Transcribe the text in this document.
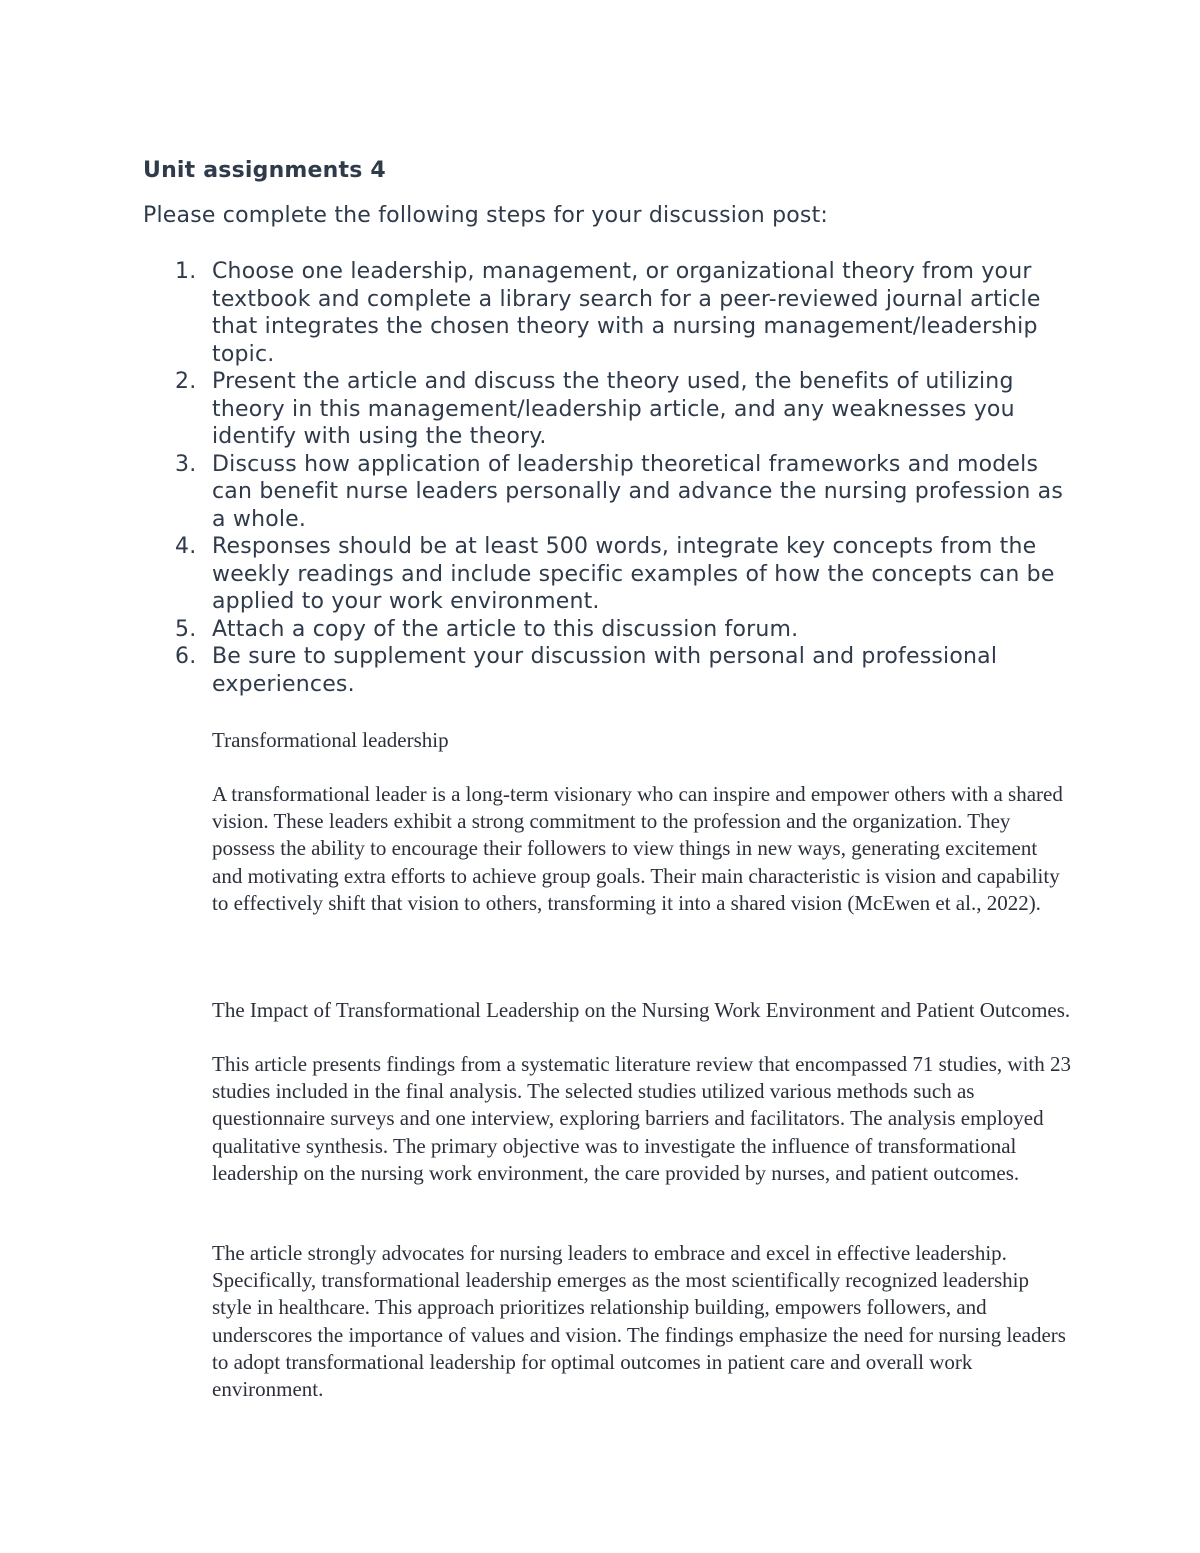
Unit assignments 4

Please complete the following steps for your discussion post:

1. Choose one leadership, management, or organizational theory from your textbook and complete a library search for a peer-reviewed journal article that integrates the chosen theory with a nursing management/leadership topic.
2. Present the article and discuss the theory used, the benefits of utilizing theory in this management/leadership article, and any weaknesses you identify with using the theory.
3. Discuss how application of leadership theoretical frameworks and models can benefit nurse leaders personally and advance the nursing profession as a whole.
4. Responses should be at least 500 words, integrate key concepts from the weekly readings and include specific examples of how the concepts can be applied to your work environment.
5. Attach a copy of the article to this discussion forum.
6. Be sure to supplement your discussion with personal and professional experiences.

Transformational leadership

A transformational leader is a long-term visionary who can inspire and empower others with a shared vision. These leaders exhibit a strong commitment to the profession and the organization. They possess the ability to encourage their followers to view things in new ways, generating excitement and motivating extra efforts to achieve group goals. Their main characteristic is vision and capability to effectively shift that vision to others, transforming it into a shared vision (McEwen et al., 2022).

The Impact of Transformational Leadership on the Nursing Work Environment and Patient Outcomes.

This article presents findings from a systematic literature review that encompassed 71 studies, with 23 studies included in the final analysis. The selected studies utilized various methods such as questionnaire surveys and one interview, exploring barriers and facilitators. The analysis employed qualitative synthesis. The primary objective was to investigate the influence of transformational leadership on the nursing work environment, the care provided by nurses, and patient outcomes.

The article strongly advocates for nursing leaders to embrace and excel in effective leadership. Specifically, transformational leadership emerges as the most scientifically recognized leadership style in healthcare. This approach prioritizes relationship building, empowers followers, and underscores the importance of values and vision. The findings emphasize the need for nursing leaders to adopt transformational leadership for optimal outcomes in patient care and overall work environment.
